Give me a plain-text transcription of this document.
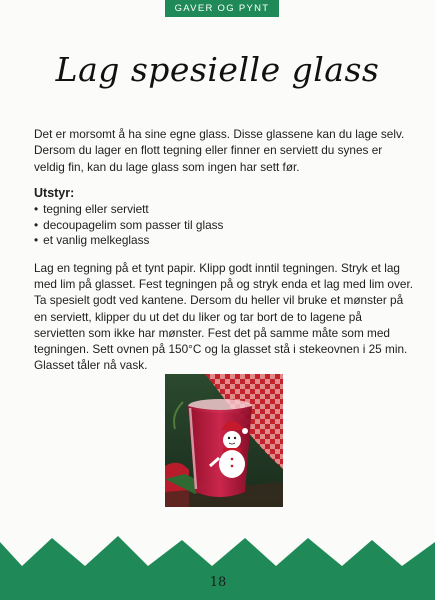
GAVER OG PYNT
Lag spesielle glass

Det er morsomt å ha sine egne glass. Disse glassene kan du lage selv. Dersom du lager en flott tegning eller finner en serviett du synes er veldig fin, kan du lage glass som ingen har sett før.

Utstyr:
• tegning eller serviett
• decoupagelim som passer til glass
• et vanlig melkeglass

Lag en tegning på et tynt papir. Klipp godt inntil tegningen. Stryk et lag med lim på glasset. Fest tegningen på og stryk enda et lag med lim over. Ta spesielt godt ved kantene. Dersom du heller vil bruke et mønster på en serviett, klipper du ut det du liker og tar bort de to lagene på servietten som ikke har mønster. Fest det på samme måte som med tegningen. Sett ovnen på 150°C og la glasset stå i stekeovnen i 25 min. Glasset tåler nå vask.

18
